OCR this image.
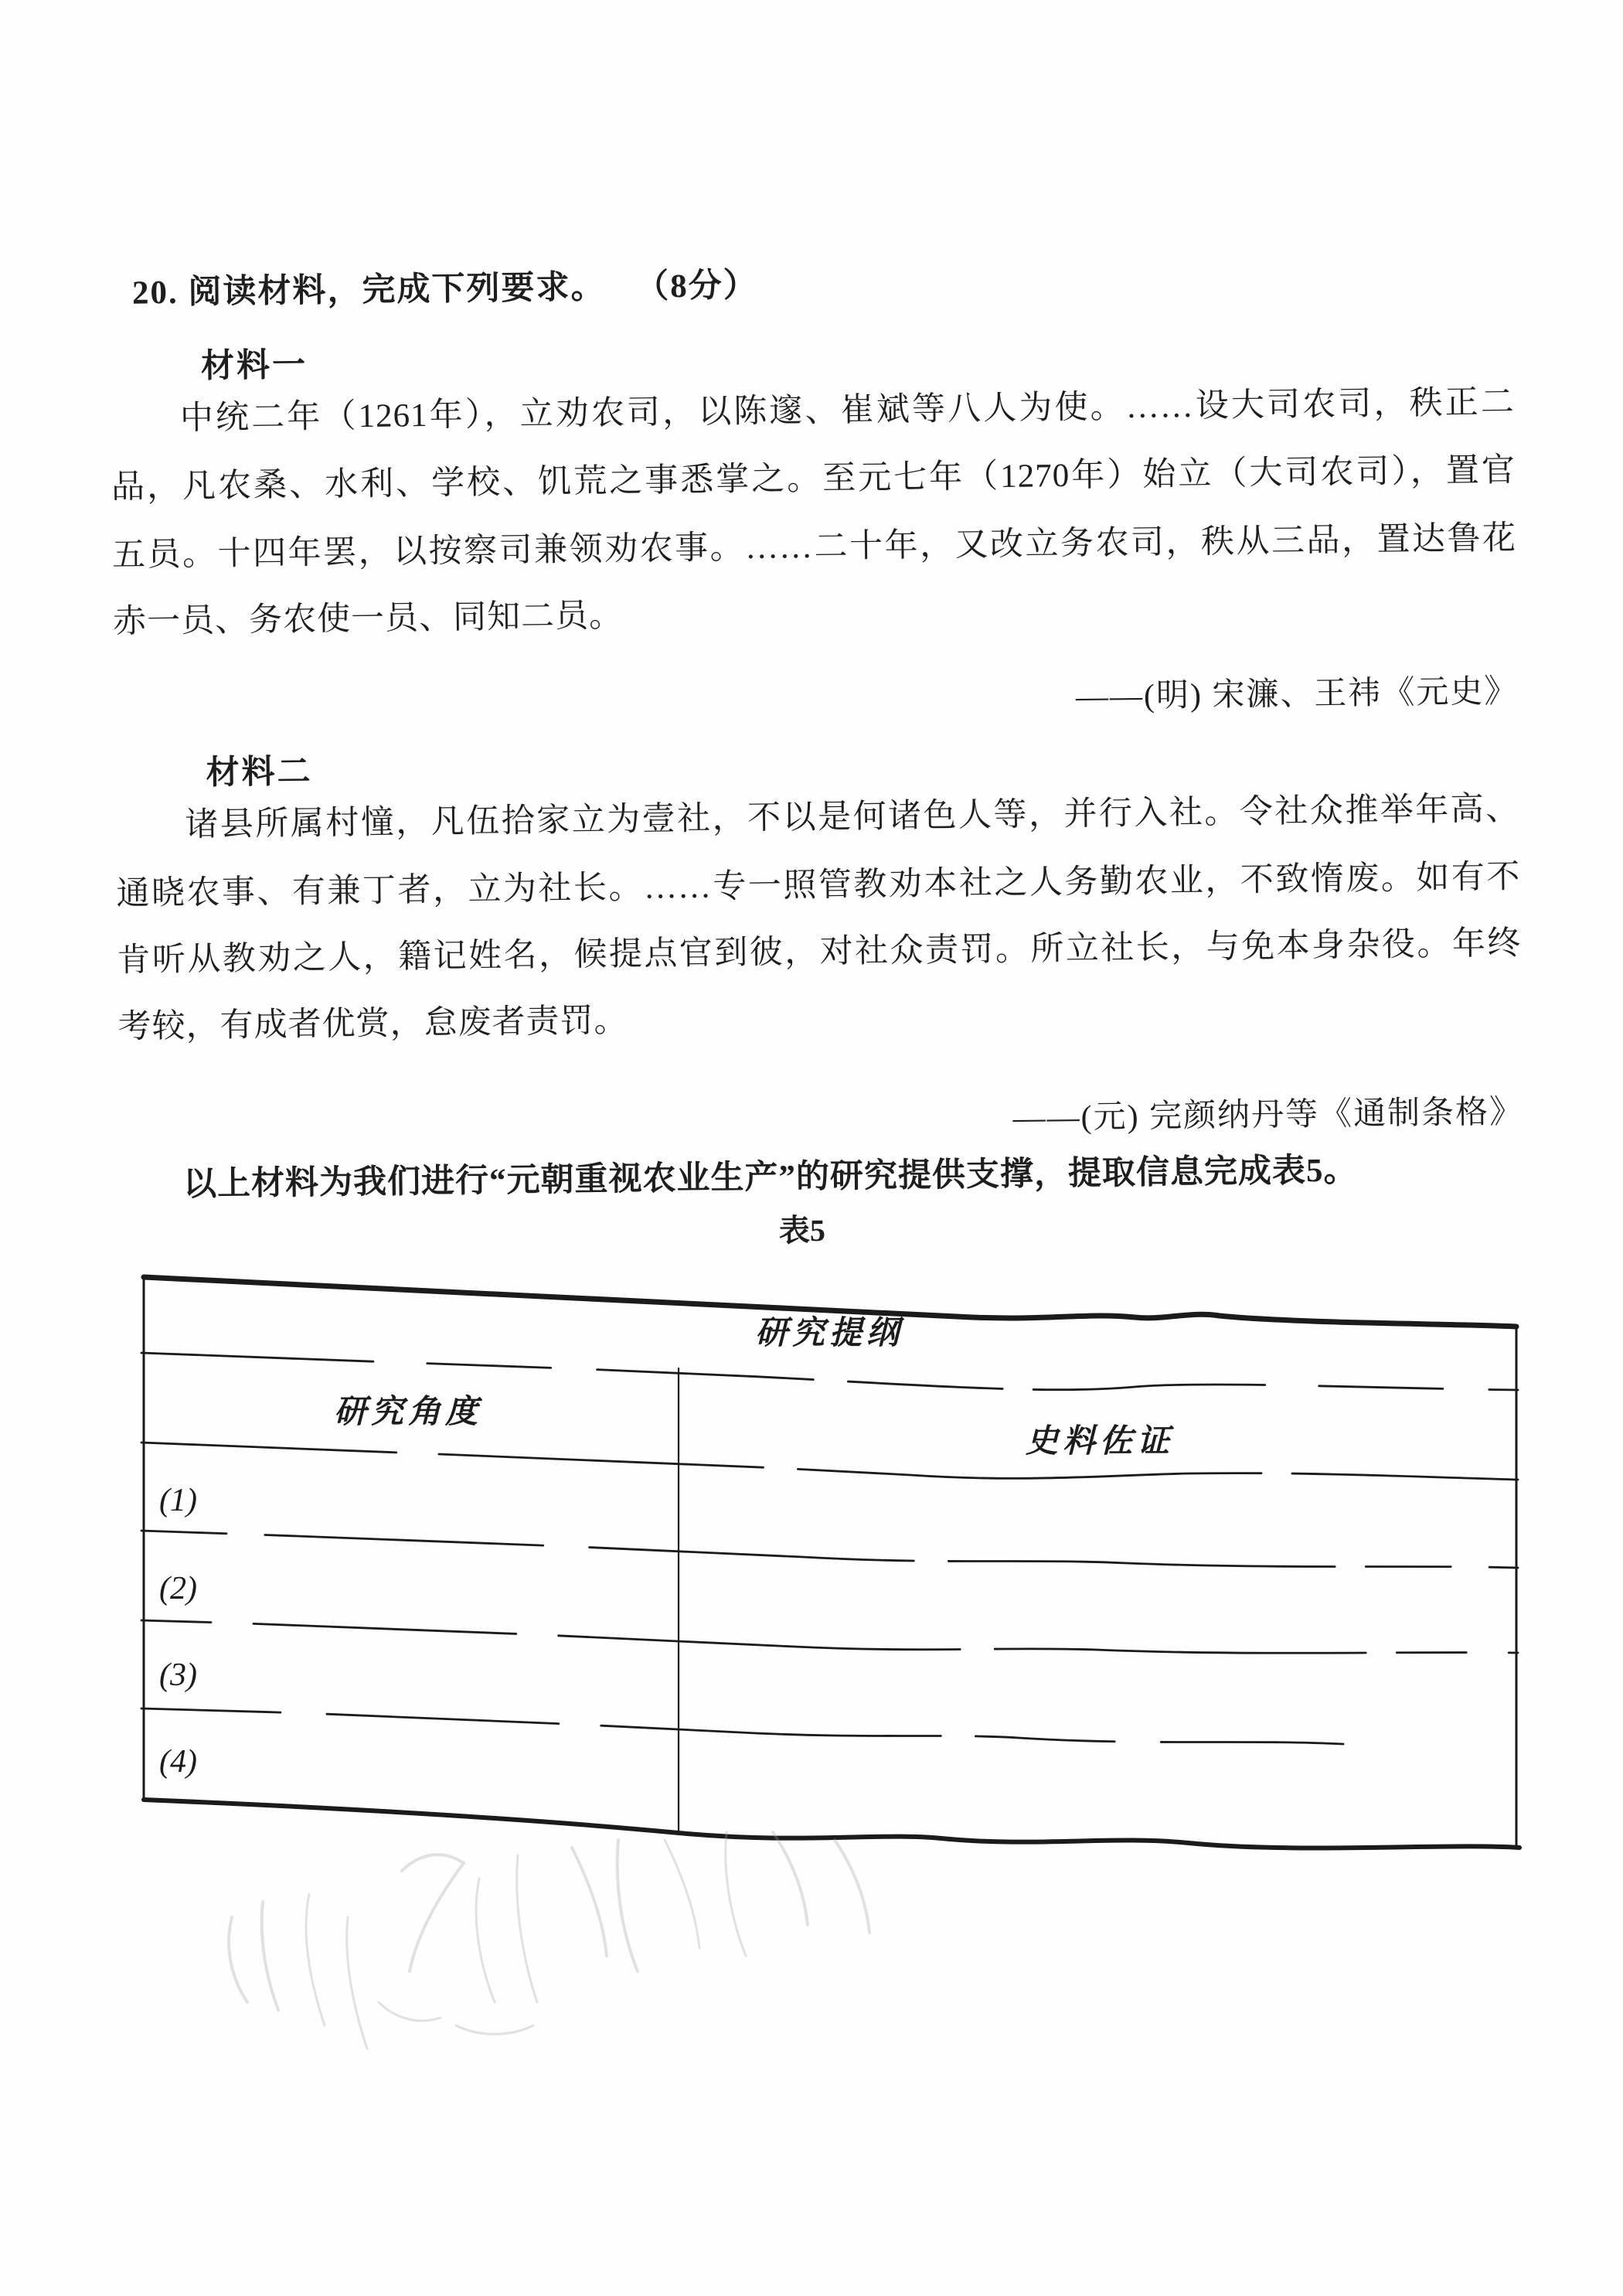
20. 阅读材料，完成下列要求。 （8分）
材料一
中统二年（1261年），立劝农司，以陈邃、崔斌等八人为使。……设大司农司，秩正二
品，凡农桑、水利、学校、饥荒之事悉掌之。至元七年（1270年）始立（大司农司），置官
五员。十四年罢，以按察司兼领劝农事。……二十年，又改立务农司，秩从三品，置达鲁花
赤一员、务农使一员、同知二员。
——(明) 宋濂、王祎《元史》
材料二
诸县所属村憧，凡伍拾家立为壹社，不以是何诸色人等，并行入社。令社众推举年高、
通晓农事、有兼丁者，立为社长。……专一照管教劝本社之人务勤农业，不致惰废。如有不
肯听从教劝之人，籍记姓名，候提点官到彼，对社众责罚。所立社长，与免本身杂役。年终
考较，有成者优赏，怠废者责罚。
——(元) 完颜纳丹等《通制条格》
以上材料为我们进行“元朝重视农业生产”的研究提供支撑，提取信息完成表5。
表5
研究提纲
研究角度
史料佐证
(1)
(2)
(3)
(4)
